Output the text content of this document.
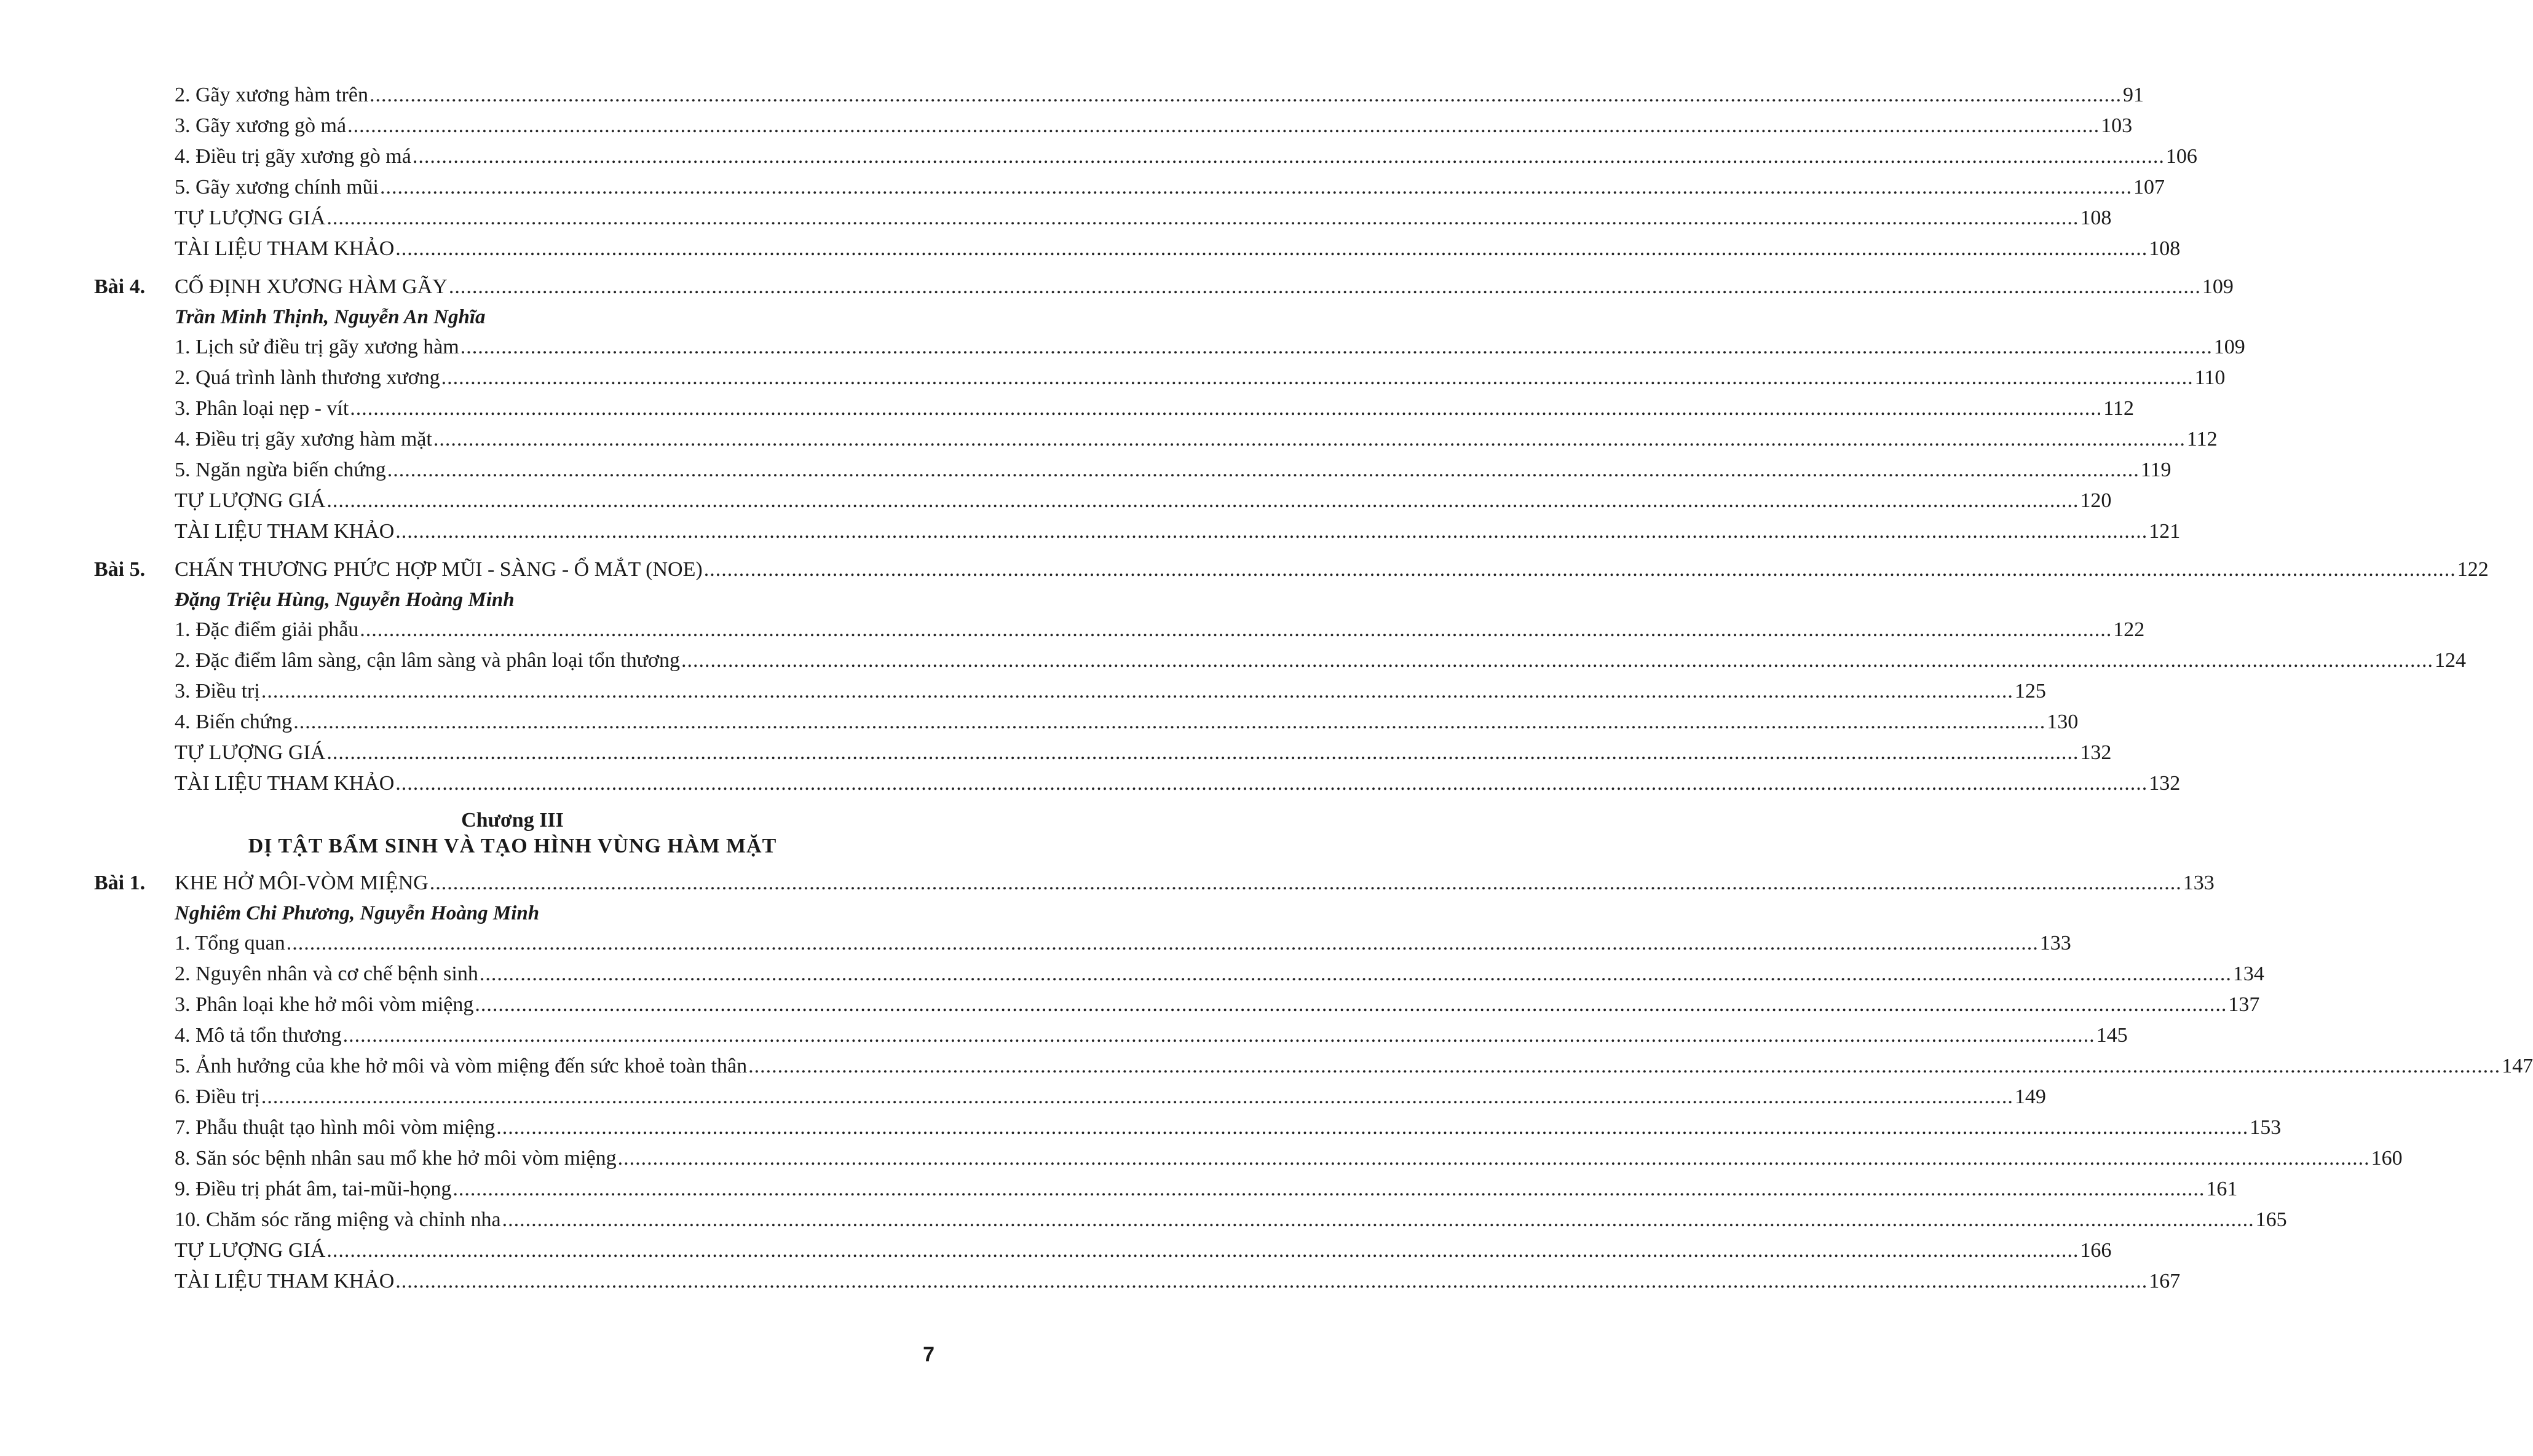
2. Gãy xương hàm trên ............................................................................................................................................................................................................................................................................................................ 91
3. Gãy xương gò má ............................................................................................................................................................................................................................................................................................................ 103
4. Điều trị gãy xương gò má ............................................................................................................................................................................................................................................................................................................ 106
5. Gãy xương chính mũi ............................................................................................................................................................................................................................................................................................................ 107
TỰ LƯỢNG GIÁ ............................................................................................................................................................................................................................................................................................................ 108
TÀI LIỆU THAM KHẢO ............................................................................................................................................................................................................................................................................................................ 108
Bài 4. CỐ ĐỊNH XƯƠNG HÀM GÃY ............................................................................................................................................................................................................................................................................................................ 109
Trần Minh Thịnh, Nguyễn An Nghĩa
1. Lịch sử điều trị gãy xương hàm ............................................................................................................................................................................................................................................................................................................ 109
2. Quá trình lành thương xương ............................................................................................................................................................................................................................................................................................................ 110
3. Phân loại nẹp - vít ............................................................................................................................................................................................................................................................................................................ 112
4. Điều trị gãy xương hàm mặt ............................................................................................................................................................................................................................................................................................................ 112
5. Ngăn ngừa biến chứng ............................................................................................................................................................................................................................................................................................................ 119
TỰ LƯỢNG GIÁ ............................................................................................................................................................................................................................................................................................................ 120
TÀI LIỆU THAM KHẢO ............................................................................................................................................................................................................................................................................................................ 121
Bài 5. CHẤN THƯƠNG PHỨC HỢP MŨI - SÀNG - Ổ MẮT (NOE) ............................................................................................................................................................................................................................................................................................................ 122
Đặng Triệu Hùng, Nguyễn Hoàng Minh
1. Đặc điểm giải phẫu ............................................................................................................................................................................................................................................................................................................ 122
2. Đặc điểm lâm sàng, cận lâm sàng và phân loại tổn thương ............................................................................................................................................................................................................................................................................................................ 124
3. Điều trị ............................................................................................................................................................................................................................................................................................................ 125
4. Biến chứng ............................................................................................................................................................................................................................................................................................................ 130
TỰ LƯỢNG GIÁ ............................................................................................................................................................................................................................................................................................................ 132
TÀI LIỆU THAM KHẢO ............................................................................................................................................................................................................................................................................................................ 132
Chương III
DỊ TẬT BẨM SINH VÀ TẠO HÌNH VÙNG HÀM MẶT
Bài 1. KHE HỞ MÔI-VÒM MIỆNG ............................................................................................................................................................................................................................................................................................................ 133
Nghiêm Chi Phương, Nguyễn Hoàng Minh
1. Tổng quan ............................................................................................................................................................................................................................................................................................................ 133
2. Nguyên nhân và cơ chế bệnh sinh ............................................................................................................................................................................................................................................................................................................ 134
3. Phân loại khe hở môi vòm miệng ............................................................................................................................................................................................................................................................................................................ 137
4. Mô tả tổn thương ............................................................................................................................................................................................................................................................................................................ 145
5. Ảnh hưởng của khe hở môi và vòm miệng đến sức khoẻ toàn thân ............................................................................................................................................................................................................................................................................................................ 147
6. Điều trị ............................................................................................................................................................................................................................................................................................................ 149
7. Phẫu thuật tạo hình môi vòm miệng ............................................................................................................................................................................................................................................................................................................ 153
8. Săn sóc bệnh nhân sau mổ khe hở môi vòm miệng ............................................................................................................................................................................................................................................................................................................ 160
9. Điều trị phát âm, tai-mũi-họng ............................................................................................................................................................................................................................................................................................................ 161
10. Chăm sóc răng miệng và chỉnh nha ............................................................................................................................................................................................................................................................................................................ 165
TỰ LƯỢNG GIÁ ............................................................................................................................................................................................................................................................................................................ 166
TÀI LIỆU THAM KHẢO ............................................................................................................................................................................................................................................................................................................ 167
7
